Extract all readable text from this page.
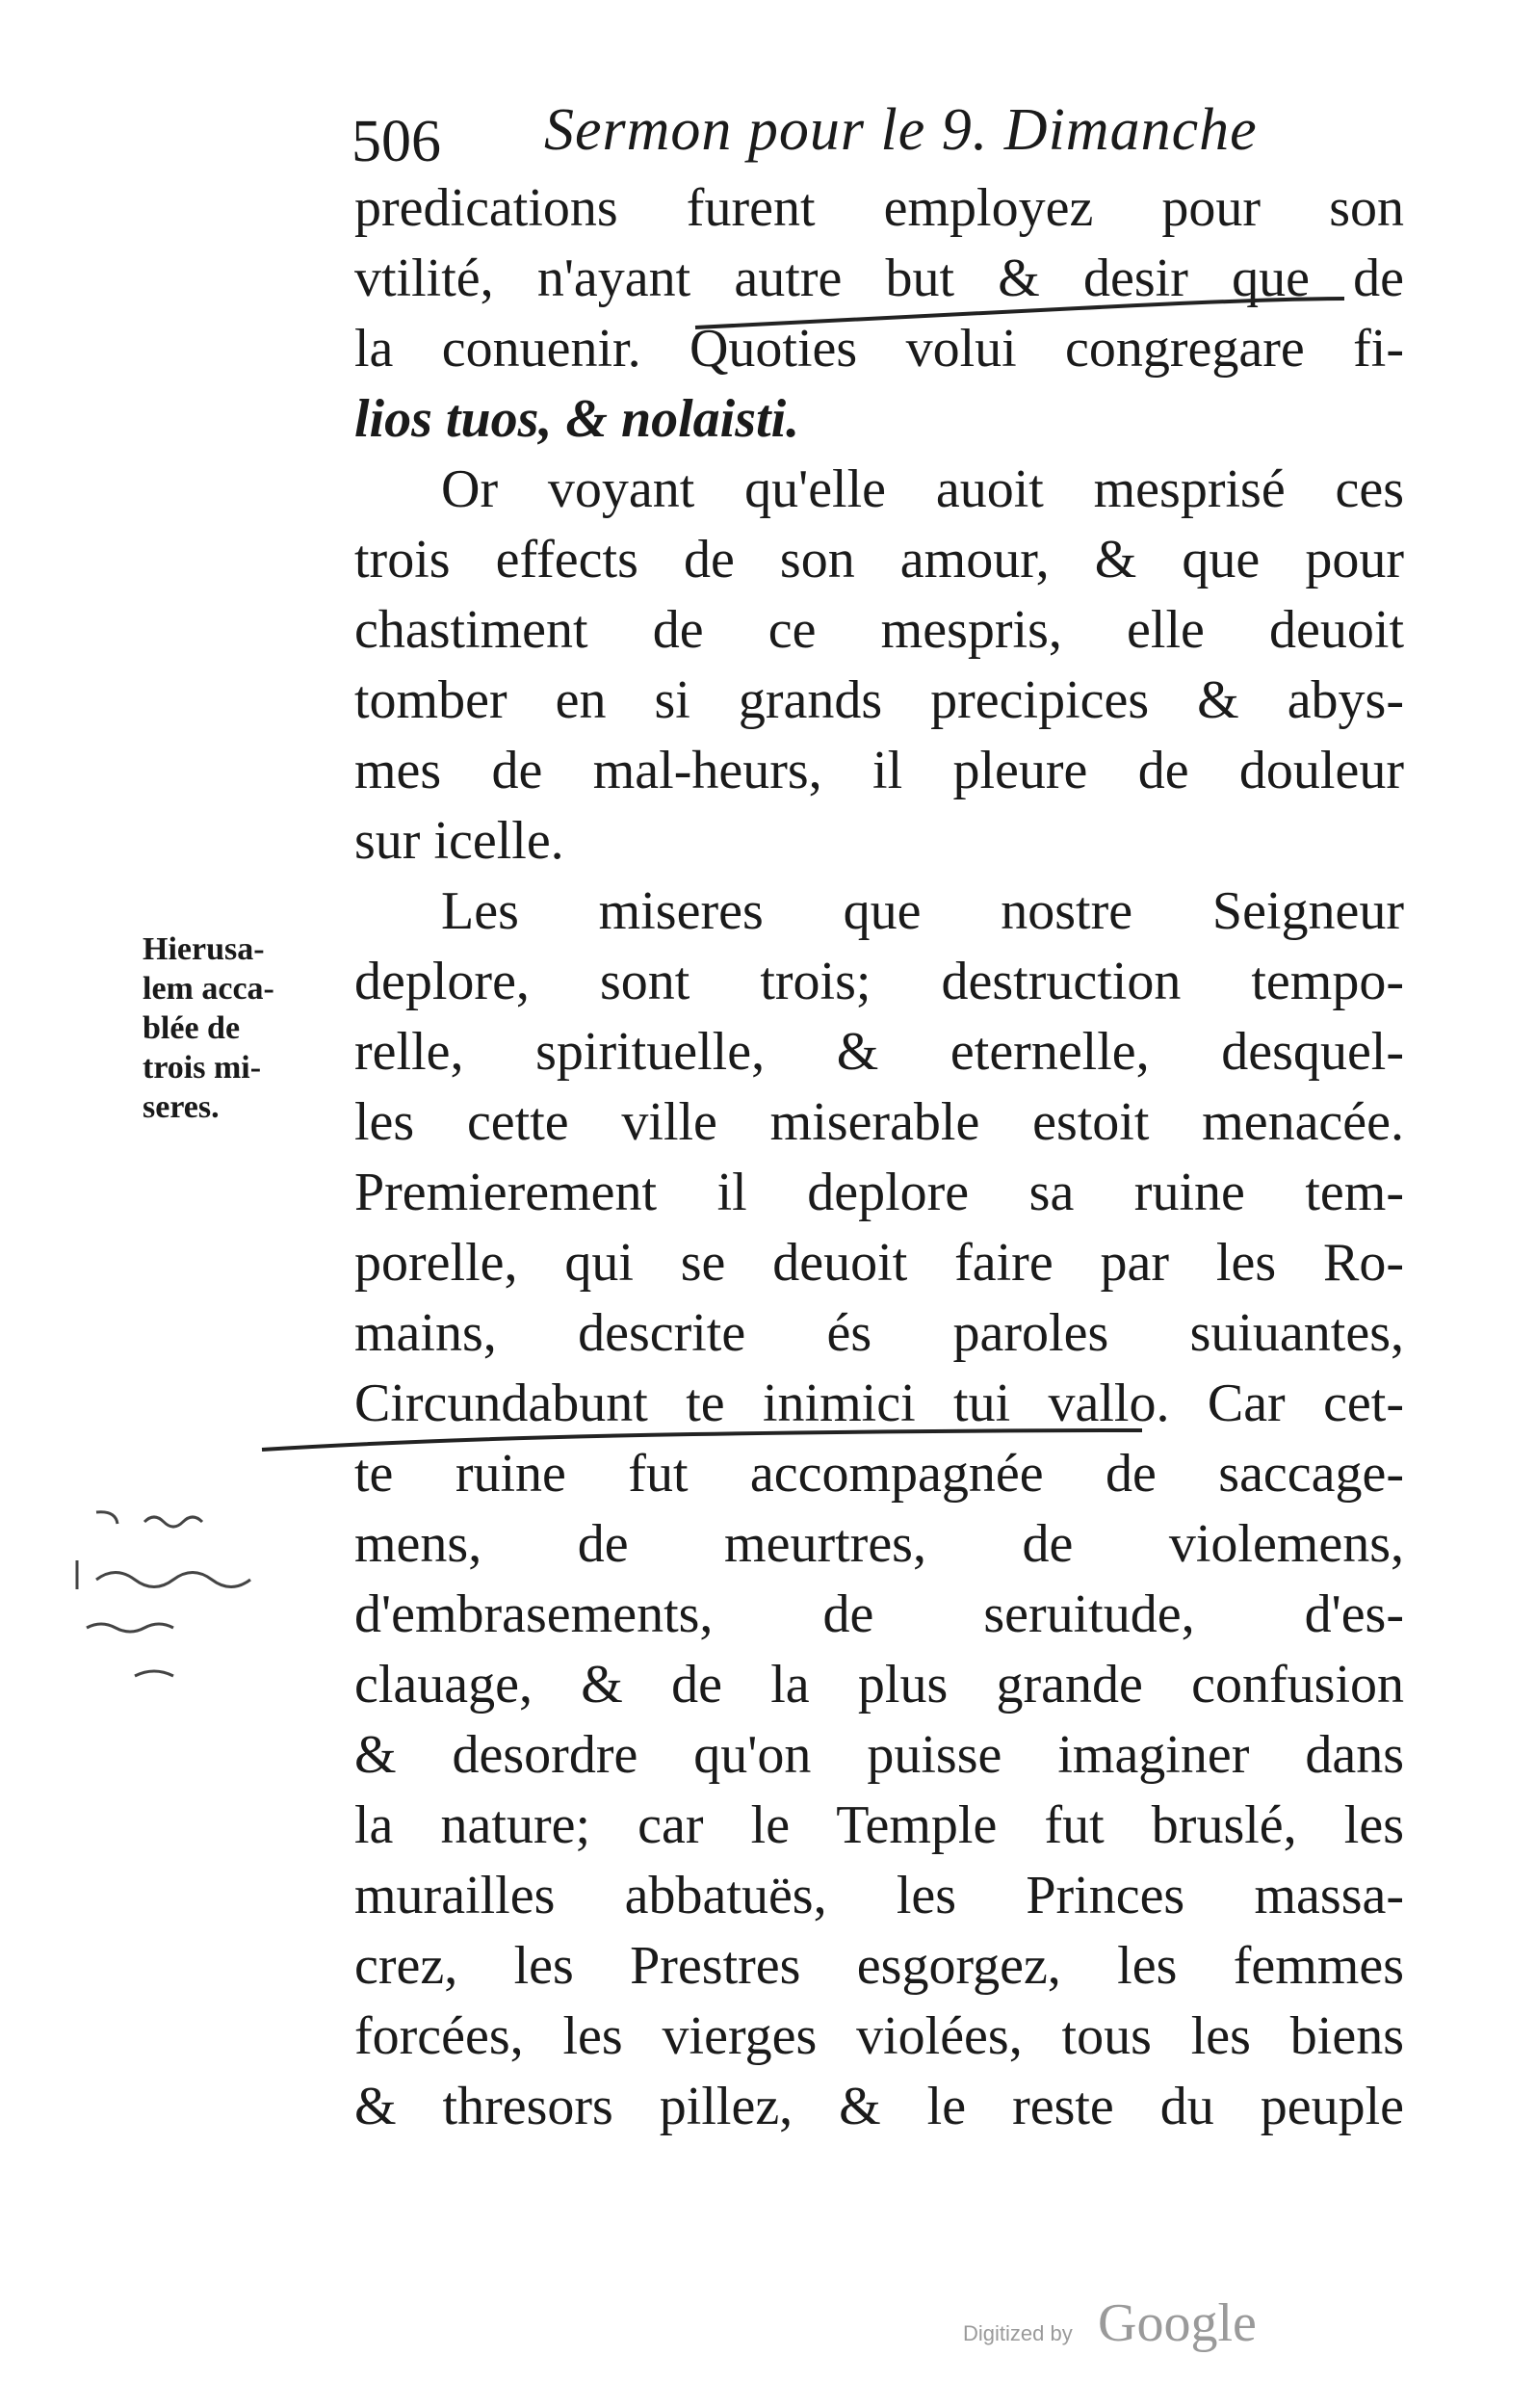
506 Sermon pour le 9. Dimanche
Hierusa-
lem acca-
blée de
trois mi-
seres.
predications furent employez pour son
vtilité, n'ayant autre but & desir que de
la conuenir. Quoties volui congregare fi-
lios tuos, & nolaisti.
Or voyant qu'elle auoit mesprisé ces
trois effects de son amour, & que pour
chastiment de ce mespris, elle deuoit
tomber en si grands precipices & abys-
mes de mal-heurs, il pleure de douleur
sur icelle.
Les miseres que nostre Seigneur
deplore, sont trois; destruction tempo-
relle, spirituelle, & eternelle, desquel-
les cette ville miserable estoit menacée.
Premierement il deplore sa ruine tem-
porelle, qui se deuoit faire par les Ro-
mains, descrite és paroles suiuantes,
Circundabunt te inimici tui vallo. Car cet-
te ruine fut accompagnée de saccage-
mens, de meurtres, de violemens,
d'embrasements, de seruitude, d'es-
clauage, & de la plus grande confusion
& desordre qu'on puisse imaginer dans
la nature; car le Temple fut bruslé, les
murailles abbatuës, les Princes massa-
crez, les Prestres esgorgez, les femmes
forcées, les vierges violées, tous les biens
& thresors pillez, & le reste du peuple
Digitized by Google
